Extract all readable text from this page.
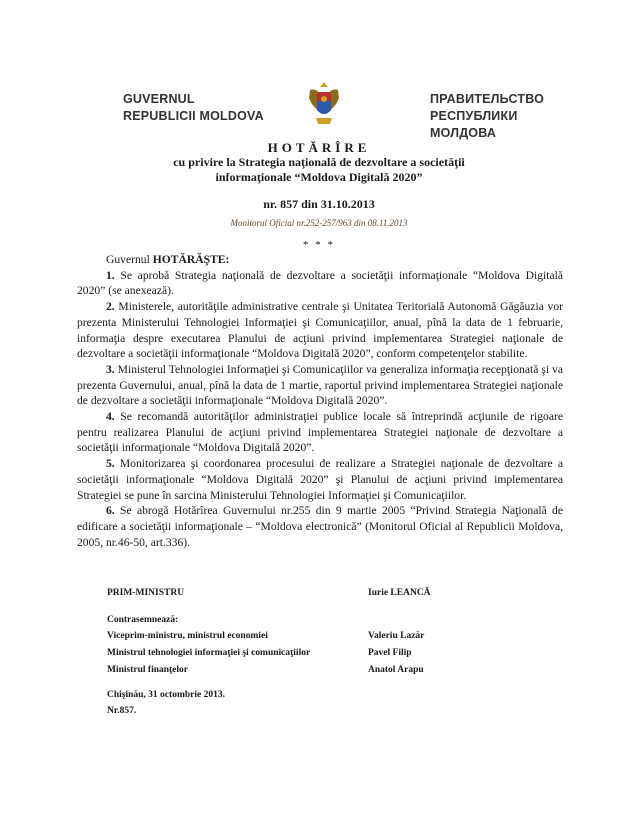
GUVERNUL
REPUBLICII MOLDOVA
ПРАВИТЕЛЬСТВО
РЕСПУБЛИКИ МОЛДОВА
HOTĂRÎRE
cu privire la Strategia naţională de dezvoltare a societăţii
informaţionale “Moldova Digitală 2020”
nr. 857 din 31.10.2013
Monitorul Oficial nr.252-257/963 din 08.11.2013
* * *

Guvernul HOTĂRĂŞTE:

1. Se aprobă Strategia naţională de dezvoltare a societăţii informaţionale “Moldova Digitală 2020” (se anexează).

2. Ministerele, autorităţile administrative centrale şi Unitatea Teritorială Autonomă Găgăuzia vor prezenta Ministerului Tehnologiei Informaţiei şi Comunicaţiilor, anual, pînă la data de 1 februarie, informaţia despre executarea Planului de acţiuni privind implementarea Strategiei naţionale de dezvoltare a societăţii informaţionale “Moldova Digitală 2020”, conform competenţelor stabilite.

3. Ministerul Tehnologiei Informaţiei şi Comunicaţiilor va generaliza informaţia recepţionată şi va prezenta Guvernului, anual, pînă la data de 1 martie, raportul privind implementarea Strategiei naţionale de dezvoltare a societăţii informaţionale “Moldova Digitală 2020”.

4. Se recomandă autorităţilor administraţiei publice locale să întreprindă acţiunile de rigoare pentru realizarea Planului de acţiuni privind implementarea Strategiei naţionale de dezvoltare a societăţii informaţionale “Moldova Digitală 2020”.

5. Monitorizarea şi coordonarea procesului de realizare a Strategiei naţionale de dezvoltare a societăţii informaţionale “Moldova Digitală 2020” şi Planului de acţiuni privind implementarea Strategiei se pune în sarcina Ministerului Tehnologiei Informaţiei şi Comunicaţiilor.

6. Se abrogă Hotărîrea Guvernului nr.255 din 9 martie 2005 “Privind Strategia Naţională de edificare a societăţii informaţionale – “Moldova electronică” (Monitorul Oficial al Republicii Moldova, 2005, nr.46-50, art.336).

PRIM-MINISTRU	Iurie LEANCĂ
Contrasemnează:
Viceprim-ministru, ministrul economiei	Valeriu Lazăr
Ministrul tehnologiei informaţiei şi comunicaţiilor	Pavel Filip
Ministrul finanţelor	Anatol Arapu
Chişinău, 31 octombrie 2013.
Nr.857.
